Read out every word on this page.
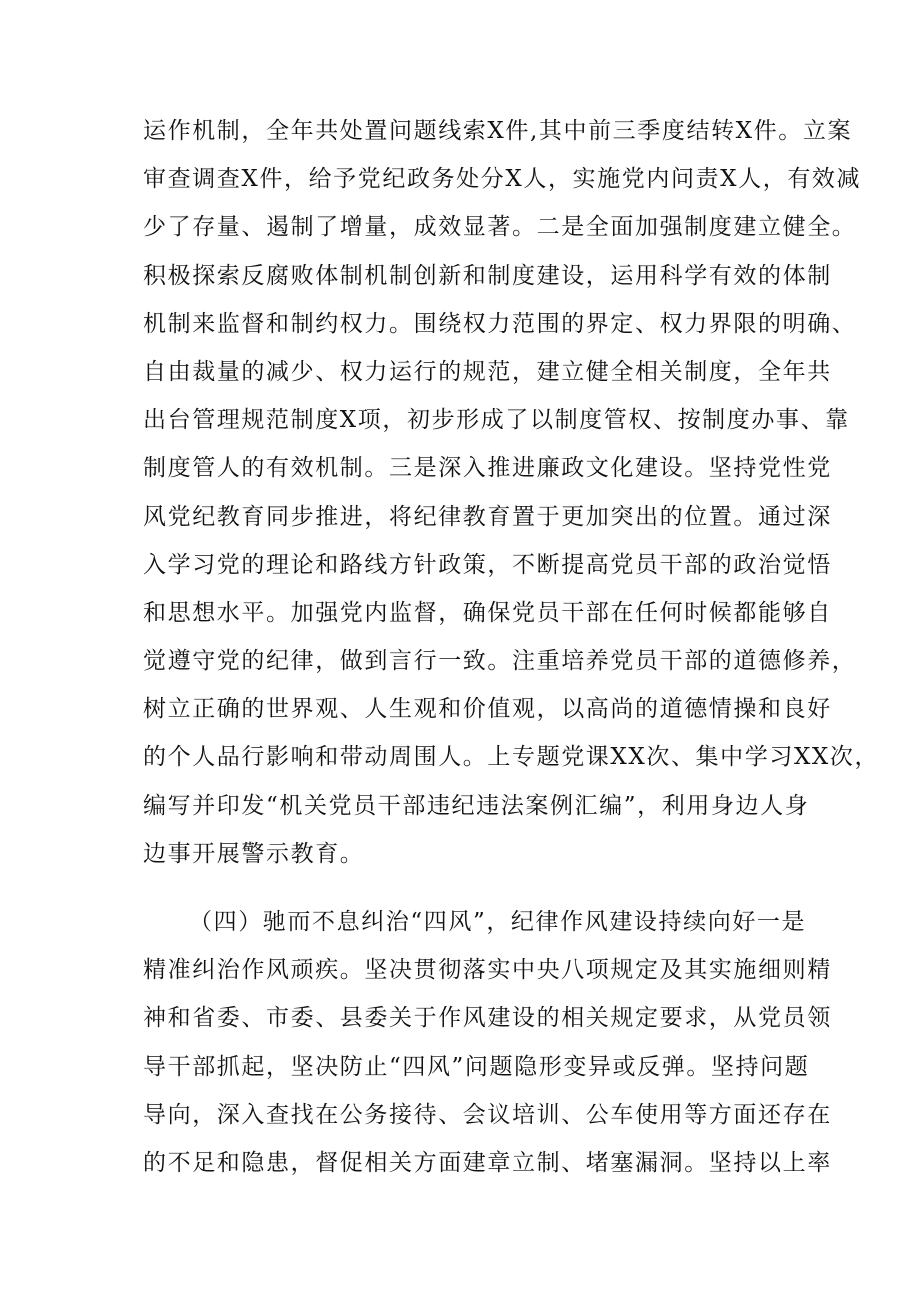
运作机制，全年共处置问题线索X件,其中前三季度结转X件。立案
审查调查X件，给予党纪政务处分X人，实施党内问责X人，有效减
少了存量、遏制了增量，成效显著。二是全面加强制度建立健全。
积极探索反腐败体制机制创新和制度建设，运用科学有效的体制
机制来监督和制约权力。围绕权力范围的界定、权力界限的明确、
自由裁量的减少、权力运行的规范，建立健全相关制度，全年共
出台管理规范制度X项，初步形成了以制度管权、按制度办事、靠
制度管人的有效机制。三是深入推进廉政文化建设。坚持党性党
风党纪教育同步推进，将纪律教育置于更加突出的位置。通过深
入学习党的理论和路线方针政策，不断提高党员干部的政治觉悟
和思想水平。加强党内监督，确保党员干部在任何时候都能够自
觉遵守党的纪律，做到言行一致。注重培养党员干部的道德修养，
树立正确的世界观、人生观和价值观，以高尚的道德情操和良好
的个人品行影响和带动周围人。上专题党课XX次、集中学习XX次，
编写并印发“机关党员干部违纪违法案例汇编”，利用身边人身
边事开展警示教育。
（四）驰而不息纠治“四风”，纪律作风建设持续向好一是
精准纠治作风顽疾。坚决贯彻落实中央八项规定及其实施细则精
神和省委、市委、县委关于作风建设的相关规定要求，从党员领
导干部抓起，坚决防止“四风”问题隐形变异或反弹。坚持问题
导向，深入查找在公务接待、会议培训、公车使用等方面还存在
的不足和隐患，督促相关方面建章立制、堵塞漏洞。坚持以上率
